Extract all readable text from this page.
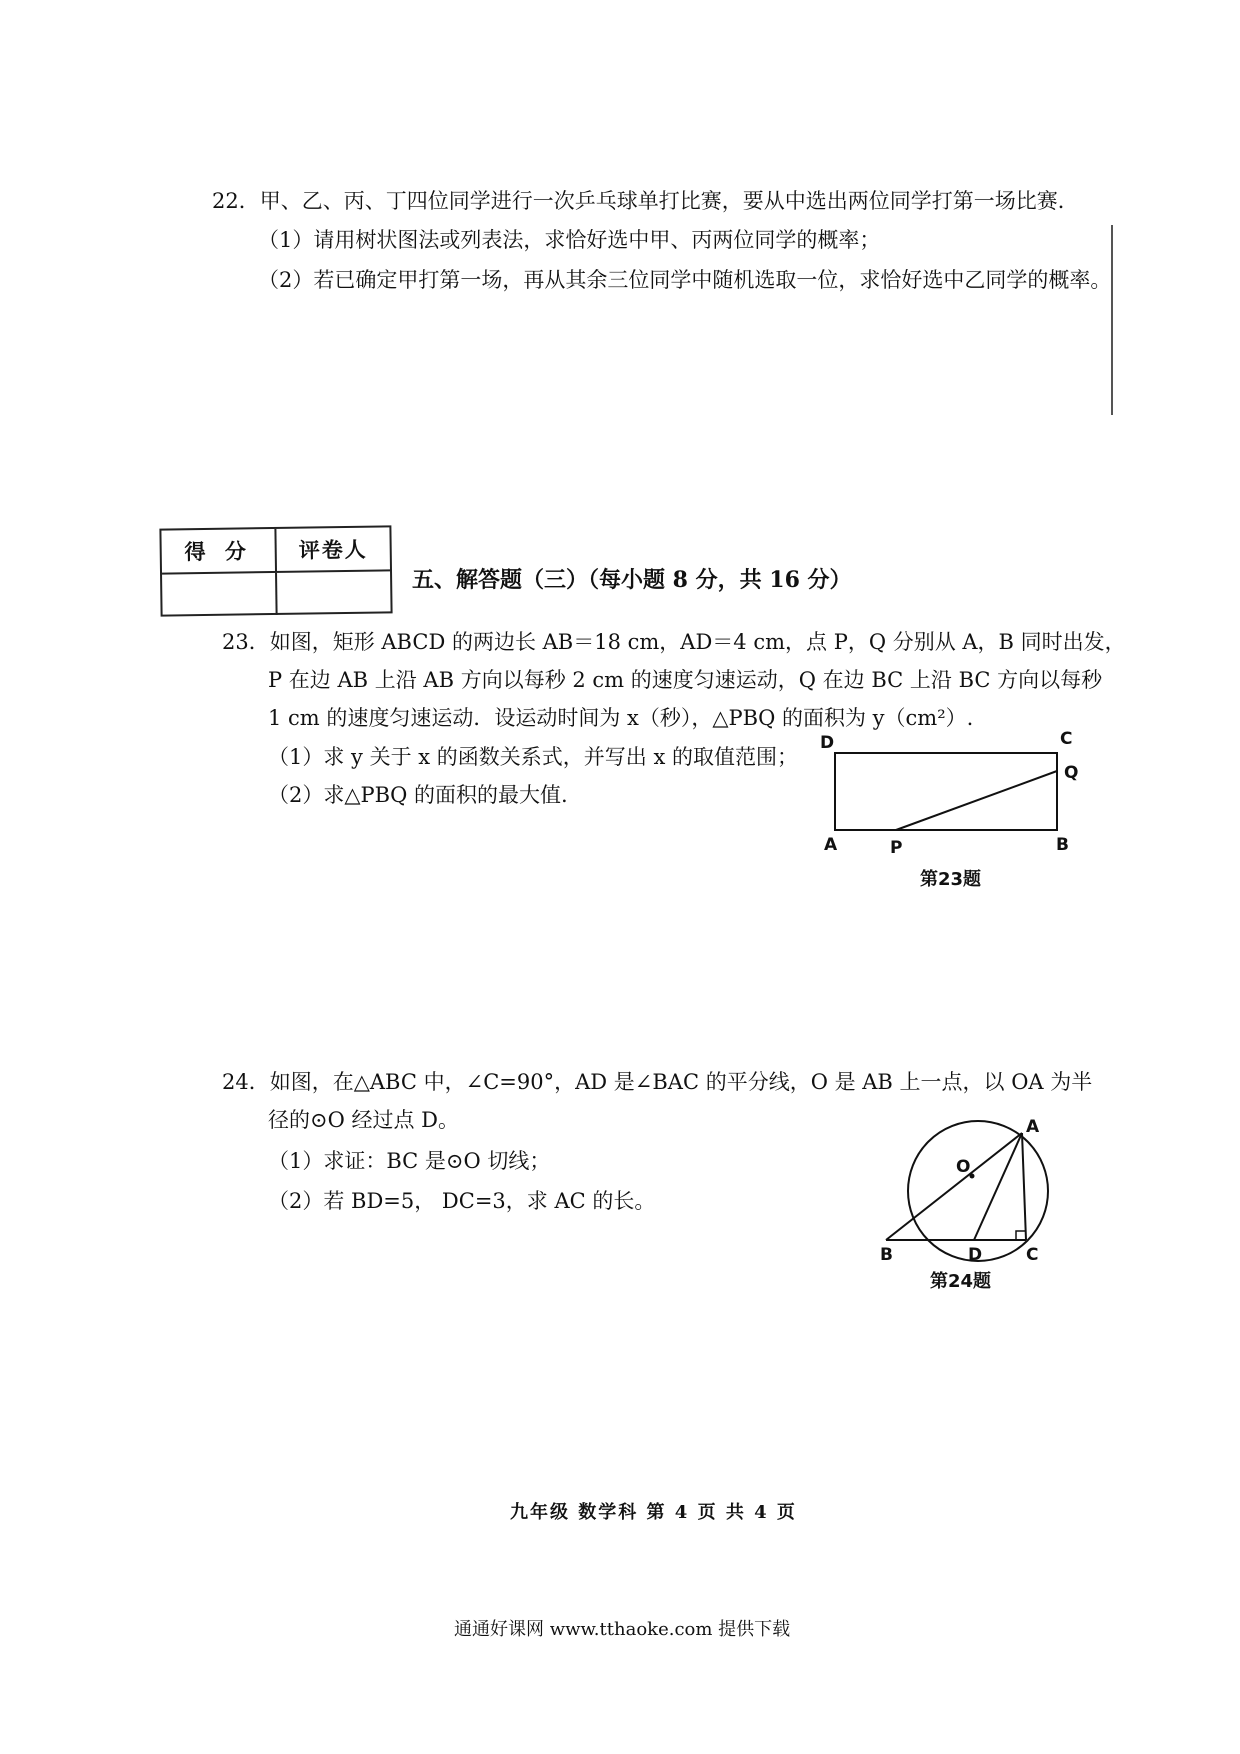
22．甲、乙、丙、丁四位同学进行一次乒乓球单打比赛，要从中选出两位同学打第一场比赛．
（1）请用树状图法或列表法，求恰好选中甲、丙两位同学的概率；
（2）若已确定甲打第一场，再从其余三位同学中随机选取一位，求恰好选中乙同学的概率。
得 分	评卷人
五、解答题（三）（每小题 8 分，共 16 分）
23．如图，矩形 ABCD 的两边长 AB＝18 cm，AD＝4 cm，点 P，Q 分别从 A，B 同时出发，
P 在边 AB 上沿 AB 方向以每秒 2 cm 的速度匀速运动，Q 在边 BC 上沿 BC 方向以每秒
1 cm 的速度匀速运动．设运动时间为 x（秒），△PBQ 的面积为 y（cm²）.
（1）求 y 关于 x 的函数关系式，并写出 x 的取值范围；
（2）求△PBQ 的面积的最大值.
D	C
Q
A	P	B
第23题
24．如图，在△ABC 中，∠C=90°，AD 是∠BAC 的平分线，O 是 AB 上一点，以 OA 为半
径的⊙O 经过点 D。
（1）求证：BC 是⊙O 切线；
（2）若 BD=5， DC=3，求 AC 的长。
A
O
B	D	C
第24题
九年级 数学科 第 4 页 共 4 页
通通好课网 www.tthaoke.com 提供下载
